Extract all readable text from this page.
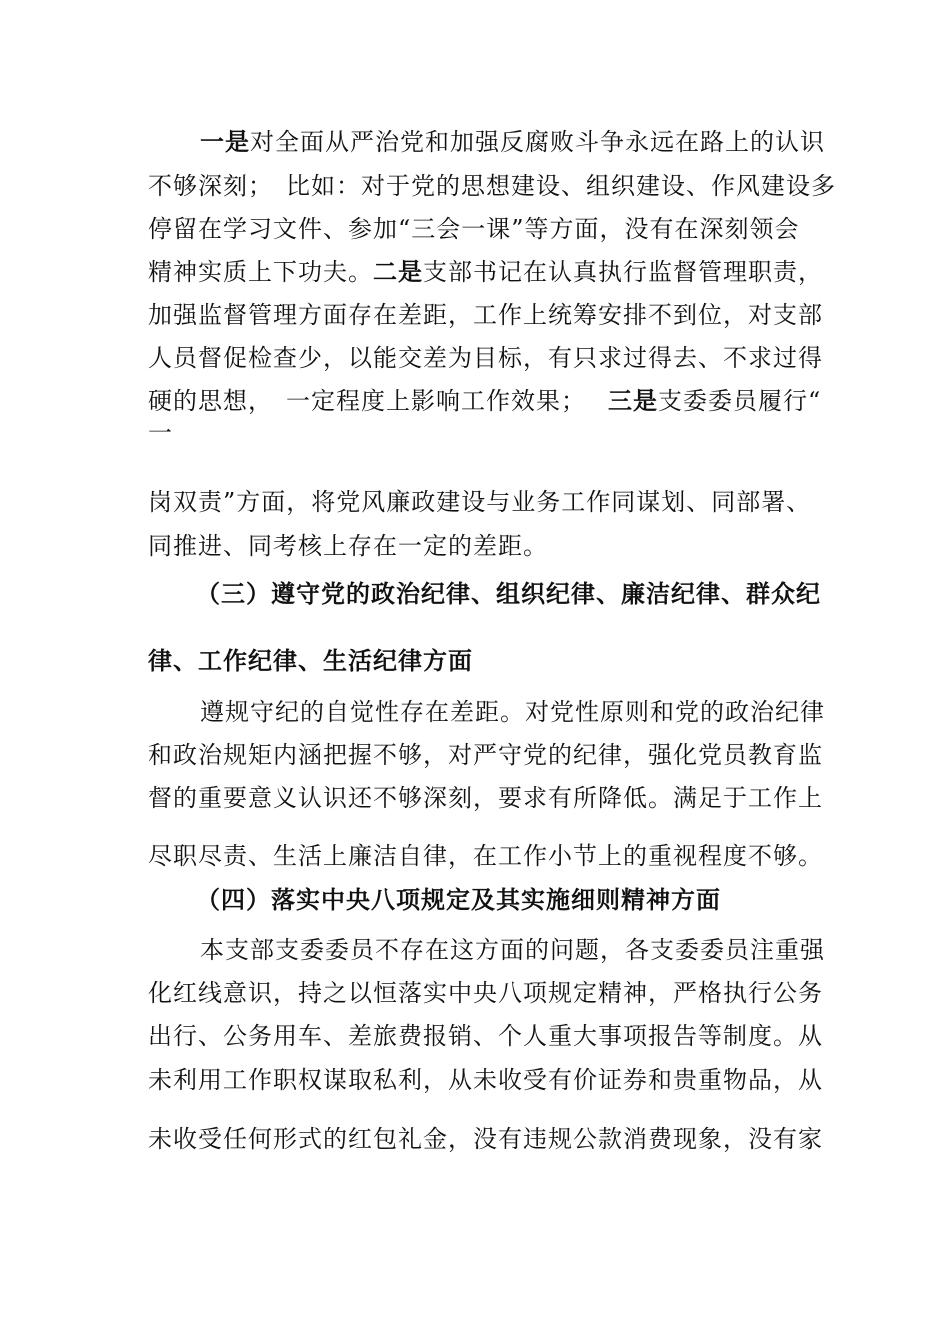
一是对全面从严治党和加强反腐败斗争永远在路上的认识
不够深刻；　比如：对于党的思想建设、组织建设、作风建设多
停留在学习文件、参加“三会一课”等方面，没有在深刻领会
精神实质上下功夫。二是支部书记在认真执行监督管理职责，
加强监督管理方面存在差距，工作上统筹安排不到位，对支部
人员督促检查少，以能交差为目标，有只求过得去、不求过得
硬的思想，　一定程度上影响工作效果； 三是支委委员履行“
一
岗双责”方面，将党风廉政建设与业务工作同谋划、同部署、
同推进、同考核上存在一定的差距。
（三）遵守党的政治纪律、组织纪律、廉洁纪律、群众纪
律、工作纪律、生活纪律方面
遵规守纪的自觉性存在差距。对党性原则和党的政治纪律
和政治规矩内涵把握不够，对严守党的纪律，强化党员教育监
督的重要意义认识还不够深刻，要求有所降低。满足于工作上
尽职尽责、生活上廉洁自律，在工作小节上的重视程度不够。
（四）落实中央八项规定及其实施细则精神方面
本支部支委委员不存在这方面的问题，各支委委员注重强
化红线意识，持之以恒落实中央八项规定精神，严格执行公务
出行、公务用车、差旅费报销、个人重大事项报告等制度。从
未利用工作职权谋取私利，从未收受有价证券和贵重物品，从
未收受任何形式的红包礼金，没有违规公款消费现象，没有家
